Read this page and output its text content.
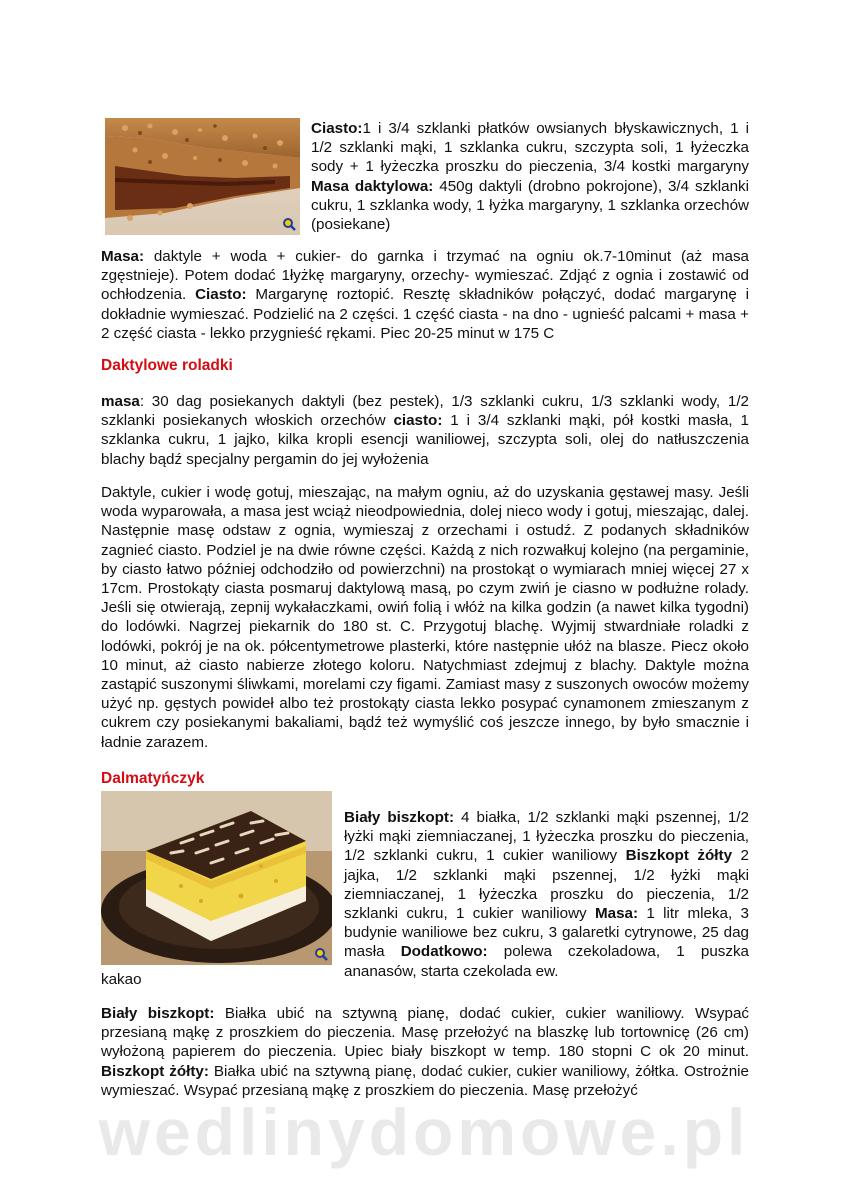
Ciasto:1 i 3/4 szklanki płatków owsianych błyskawicznych, 1 i 1/2 szklanki mąki, 1 szklanka cukru, szczypta soli, 1 łyżeczka sody + 1 łyżeczka proszku do pieczenia, 3/4 kostki margaryny Masa daktylowa: 450g daktyli (drobno pokrojone), 3/4 szklanki cukru, 1 szklanka wody, 1 łyżka margaryny, 1 szklanka orzechów (posiekane)
Masa: daktyle + woda + cukier- do garnka i trzymać na ogniu ok.7-10minut (aż masa zgęstnieje). Potem dodać 1łyżkę margaryny, orzechy- wymieszać. Zdjąć z ognia i zostawić od ochłodzenia. Ciasto: Margarynę roztopić. Resztę składników połączyć, dodać margarynę i dokładnie wymieszać. Podzielić na 2 części. 1 część ciasta - na dno - ugnieść palcami + masa + 2 część ciasta - lekko przygnieść rękami. Piec 20-25 minut w 175 C
Daktylowe roladki
masa: 30 dag posiekanych daktyli (bez pestek), 1/3 szklanki cukru, 1/3 szklanki wody, 1/2 szklanki posiekanych włoskich orzechów ciasto: 1 i 3/4 szklanki mąki, pół kostki masła, 1 szklanka cukru, 1 jajko, kilka kropli esencji waniliowej, szczypta soli, olej do natłuszczenia blachy bądź specjalny pergamin do jej wyłożenia
Daktyle, cukier i wodę gotuj, mieszając, na małym ogniu, aż do uzyskania gęstawej masy. Jeśli woda wyparowała, a masa jest wciąż nieodpowiednia, dolej nieco wody i gotuj, mieszając, dalej. Następnie masę odstaw z ognia, wymieszaj z orzechami i ostudź. Z podanych składników zagnieć ciasto. Podziel je na dwie równe części. Każdą z nich rozwałkuj kolejno (na pergaminie, by ciasto łatwo później odchodziło od powierzchni) na prostokąt o wymiarach mniej więcej 27 x 17cm. Prostokąty ciasta posmaruj daktylową masą, po czym zwiń je ciasno w podłużne rolady. Jeśli się otwierają, zepnij wykałaczkami, owiń folią i włóż na kilka godzin (a nawet kilka tygodni) do lodówki. Nagrzej piekarnik do 180 st. C. Przygotuj blachę. Wyjmij stwardniałe roladki z lodówki, pokrój je na ok. półcentymetrowe plasterki, które następnie ułóż na blasze. Piecz około 10 minut, aż ciasto nabierze złotego koloru. Natychmiast zdejmuj z blachy. Daktyle można zastąpić suszonymi śliwkami, morelami czy figami. Zamiast masy z suszonych owoców możemy użyć np. gęstych powideł albo też prostokąty ciasta lekko posypać cynamonem zmieszanym z cukrem czy posiekanymi bakaliami, bądź też wymyślić coś jeszcze innego, by było smacznie i ładnie zarazem.
Dalmatyńczyk
Biały biszkopt: 4 białka, 1/2 szklanki mąki pszennej, 1/2 łyżki mąki ziemniaczanej, 1 łyżeczka proszku do pieczenia, 1/2 szklanki cukru, 1 cukier waniliowy Biszkopt żółty 2 jajka, 1/2 szklanki mąki pszennej, 1/2 łyżki mąki ziemniaczanej, 1 łyżeczka proszku do pieczenia, 1/2 szklanki cukru, 1 cukier waniliowy Masa: 1 litr mleka, 3 budynie waniliowe bez cukru, 3 galaretki cytrynowe, 25 dag masła Dodatkowo: polewa czekoladowa, 1 puszka ananasów, starta czekolada ew.
kakao
Biały biszkopt: Białka ubić na sztywną pianę, dodać cukier, cukier waniliowy. Wsypać przesianą mąkę z proszkiem do pieczenia. Masę przełożyć na blaszkę lub tortownicę (26 cm) wyłożoną papierem do pieczenia. Upiec biały biszkopt w temp. 180 stopni C ok 20 minut. Biszkopt żółty: Białka ubić na sztywną pianę, dodać cukier, cukier waniliowy, żółtka. Ostrożnie wymieszać. Wsypać przesianą mąkę z proszkiem do pieczenia. Masę przełożyć
wedlinydomowe.pl
